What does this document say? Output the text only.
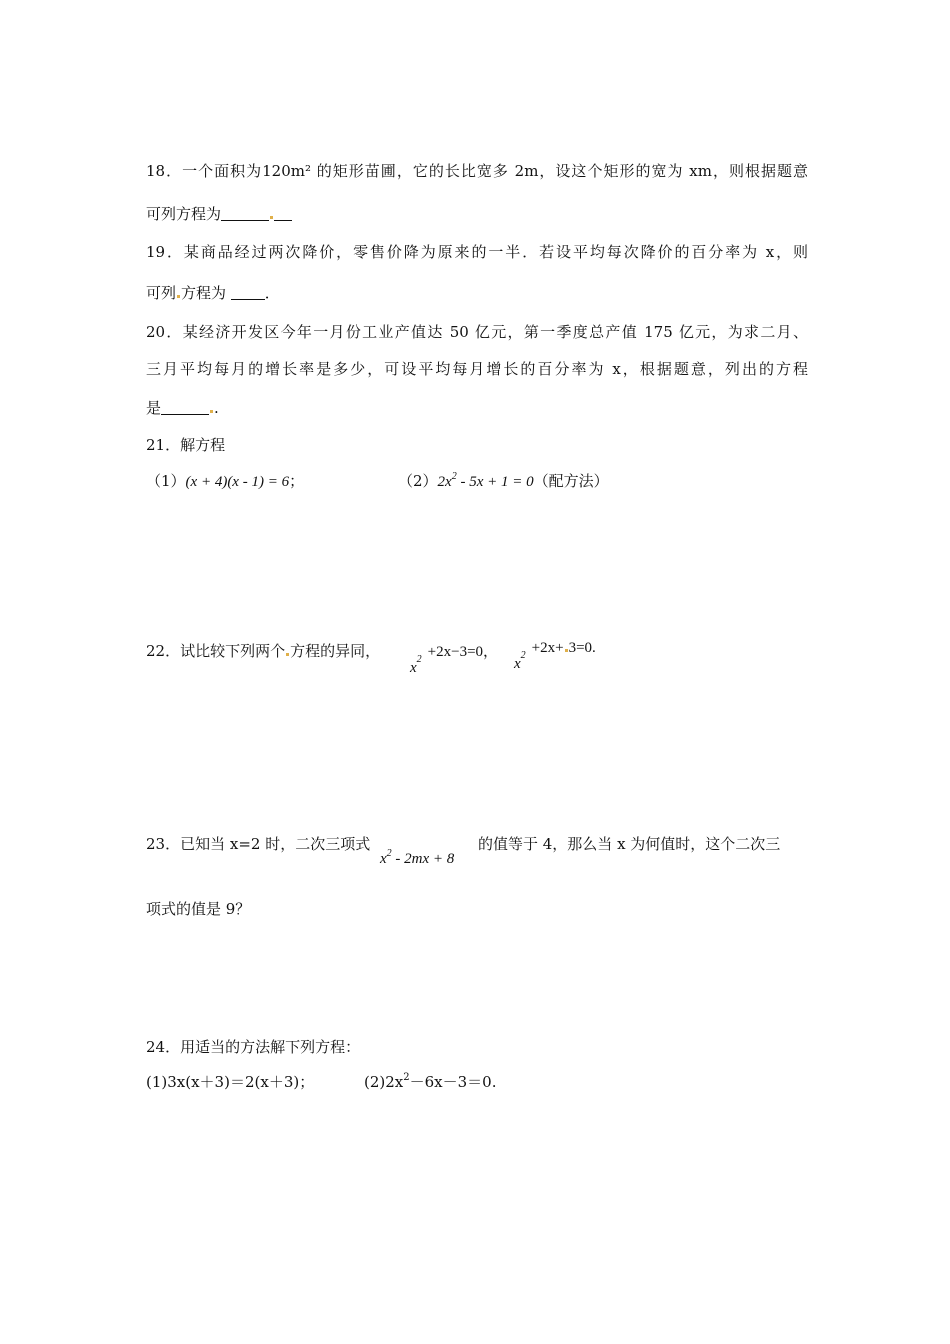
18．一个面积为120m² 的矩形苗圃，它的长比宽多 2m，设这个矩形的宽为 xm，则根据题意
可列方程为
19．某商品经过两次降价，零售价降为原来的一半．若设平均每次降价的百分率为 x，则
可列 方程为 ．
20．某经济开发区今年一月份工业产值达 50 亿元，第一季度总产值 175 亿元，为求二月、
三月平均每月的增长率是多少，可设平均每月增长的百分率为 x，根据题意，列出的方程
是	.
21．解方程
（1）(x + 4)(x - 1) = 6；	$(2)2x^2 - 5x + 1 = 0$（配方法）
22．试比较下列两个 方程的异同，
$x_2 +2x-3=0$，
$x_2 +2x+ 3=0$.
23．已知当 x=2 时，二次三项式
$x^2 - 2mx + 8$
的值等于 4，那么当 x 为何值时，这个二次三
项式的值是 9？
24．用适当的方法解下列方程：
(1)3x(x＋3)＝2(x＋3)；	$(2)2x^2-6x-3=0$.
